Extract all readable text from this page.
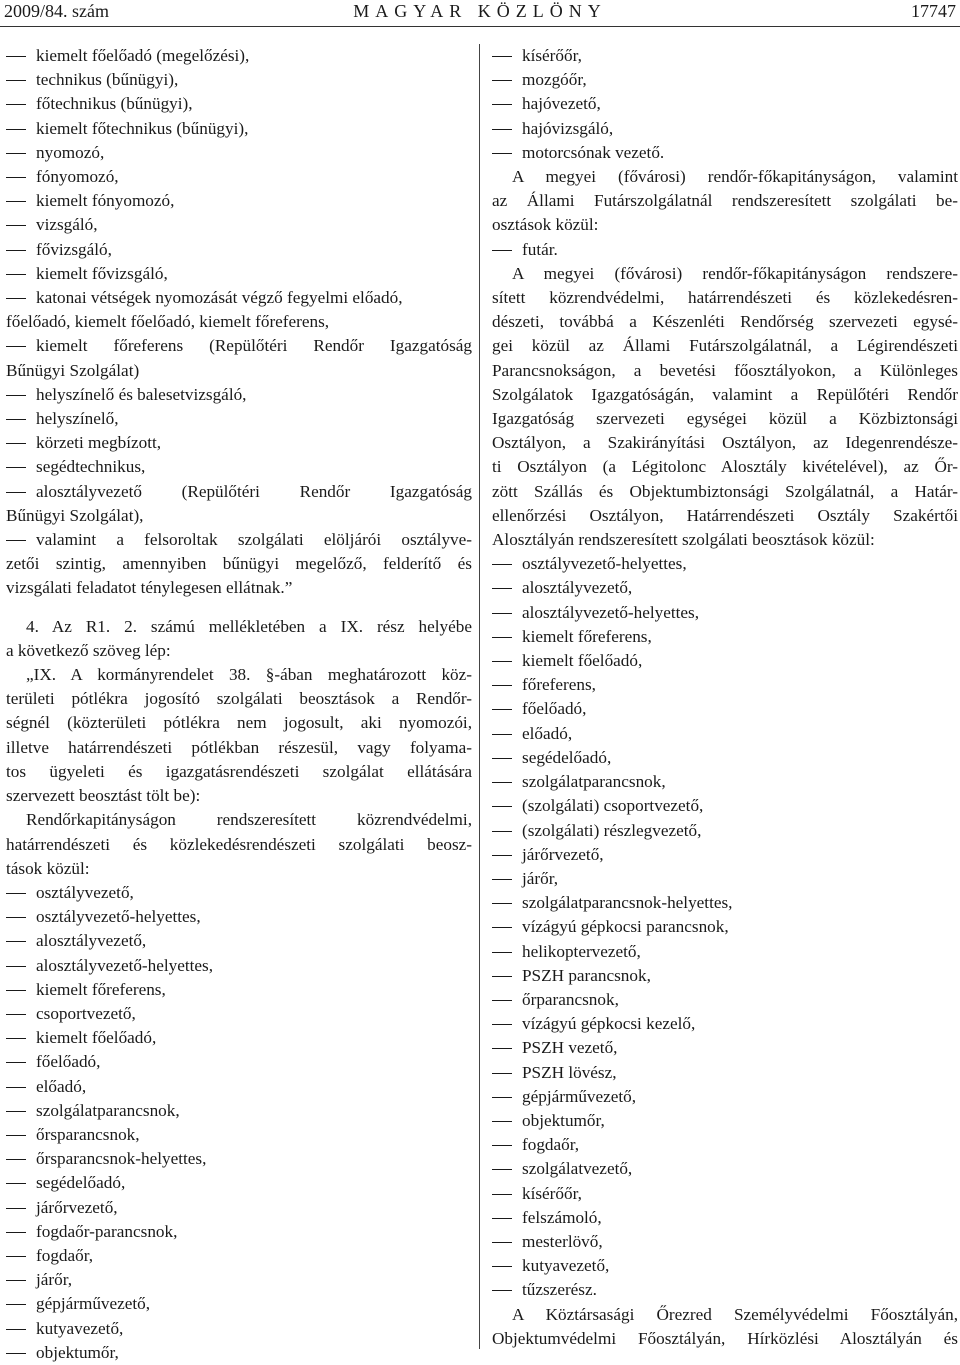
2009/84. szám	MAGYAR KÖZLÖNY	17747
kiemelt főelőadó (megelőzési),
technikus (bűnügyi),
főtechnikus (bűnügyi),
kiemelt főtechnikus (bűnügyi),
nyomozó,
fónyomozó,
kiemelt fónyomozó,
vizsgáló,
fővizsgáló,
kiemelt fővizsgáló,
katonai vétségek nyomozását végző fegyelmi előadó,
főelőadó, kiemelt főelőadó, kiemelt főreferens,
kiemelt főreferens (Repülőtéri Rendőr Igazgatóság
Bűnügyi Szolgálat)
helyszínelő és balesetvizsgáló,
helyszínelő,
körzeti megbízott,
segédtechnikus,
alosztályvezető (Repülőtéri Rendőr Igazgatóság
Bűnügyi Szolgálat),
valamint a felsoroltak szolgálati elöljárói osztályve-
zetői szintig, amennyiben bűnügyi megelőző, felderítő és
vizsgálati feladatot ténylegesen ellátnak.”
4. Az R1. 2. számú mellékletében a IX. rész helyébe
a következő szöveg lép:
„IX. A kormányrendelet 38. §-ában meghatározott köz-
területi pótlékra jogosító szolgálati beosztások a Rendőr-
ségnél (közterületi pótlékra nem jogosult, aki nyomozói,
illetve határrendészeti pótlékban részesül, vagy folyama-
tos ügyeleti és igazgatásrendészeti szolgálat ellátására
szervezett beosztást tölt be):
Rendőrkapitányságon rendszeresített közrendvédelmi,
határrendészeti és közlekedésrendészeti szolgálati beosz-
tások közül:
osztályvezető,
osztályvezető-helyettes,
alosztályvezető,
alosztályvezető-helyettes,
kiemelt főreferens,
csoportvezető,
kiemelt főelőadó,
főelőadó,
előadó,
szolgálatparancsnok,
őrsparancsnok,
őrsparancsnok-helyettes,
segédelőadó,
járőrvezető,
fogdaőr-parancsnok,
fogdaőr,
járőr,
gépjárművezető,
kutyavezető,
objektumőr,
kísérőőr,
mozgóőr,
hajóvezető,
hajóvizsgáló,
motorcsónak vezető.
A megyei (fővárosi) rendőr-főkapitányságon, valamint
az Állami Futárszolgálatnál rendszeresített szolgálati be-
osztások közül:
futár.
A megyei (fővárosi) rendőr-főkapitányságon rendszere-
sített közrendvédelmi, határrendészeti és közlekedésren-
dészeti, továbbá a Készenléti Rendőrség szervezeti egysé-
gei közül az Állami Futárszolgálatnál, a Légirendészeti
Parancsnokságon, a bevetési főosztályokon, a Különleges
Szolgálatok Igazgatóságán, valamint a Repülőtéri Rendőr
Igazgatóság szervezeti egységei közül a Közbiztonsági
Osztályon, a Szakirányítási Osztályon, az Idegenrendésze-
ti Osztályon (a Légitolonc Alosztály kivételével), az Őr-
zött Szállás és Objektumbiztonsági Szolgálatnál, a Határ-
ellenőrzési Osztályon, Határrendészeti Osztály Szakértői
Alosztályán rendszeresített szolgálati beosztások közül:
osztályvezető-helyettes,
alosztályvezető,
alosztályvezető-helyettes,
kiemelt főreferens,
kiemelt főelőadó,
főreferens,
főelőadó,
előadó,
segédelőadó,
szolgálatparancsnok,
(szolgálati) csoportvezető,
(szolgálati) részlegvezető,
járőrvezető,
járőr,
szolgálatparancsnok-helyettes,
vízágyú gépkocsi parancsnok,
helikoptervezető,
PSZH parancsnok,
őrparancsnok,
vízágyú gépkocsi kezelő,
PSZH vezető,
PSZH lövész,
gépjárművezető,
objektumőr,
fogdaőr,
szolgálatvezető,
kísérőőr,
felszámoló,
mesterlövő,
kutyavezető,
tűzszerész.
A Köztársasági Őrezred Személyvédelmi Főosztályán,
Objektumvédelmi Főosztályán, Hírközlési Alosztályán és
